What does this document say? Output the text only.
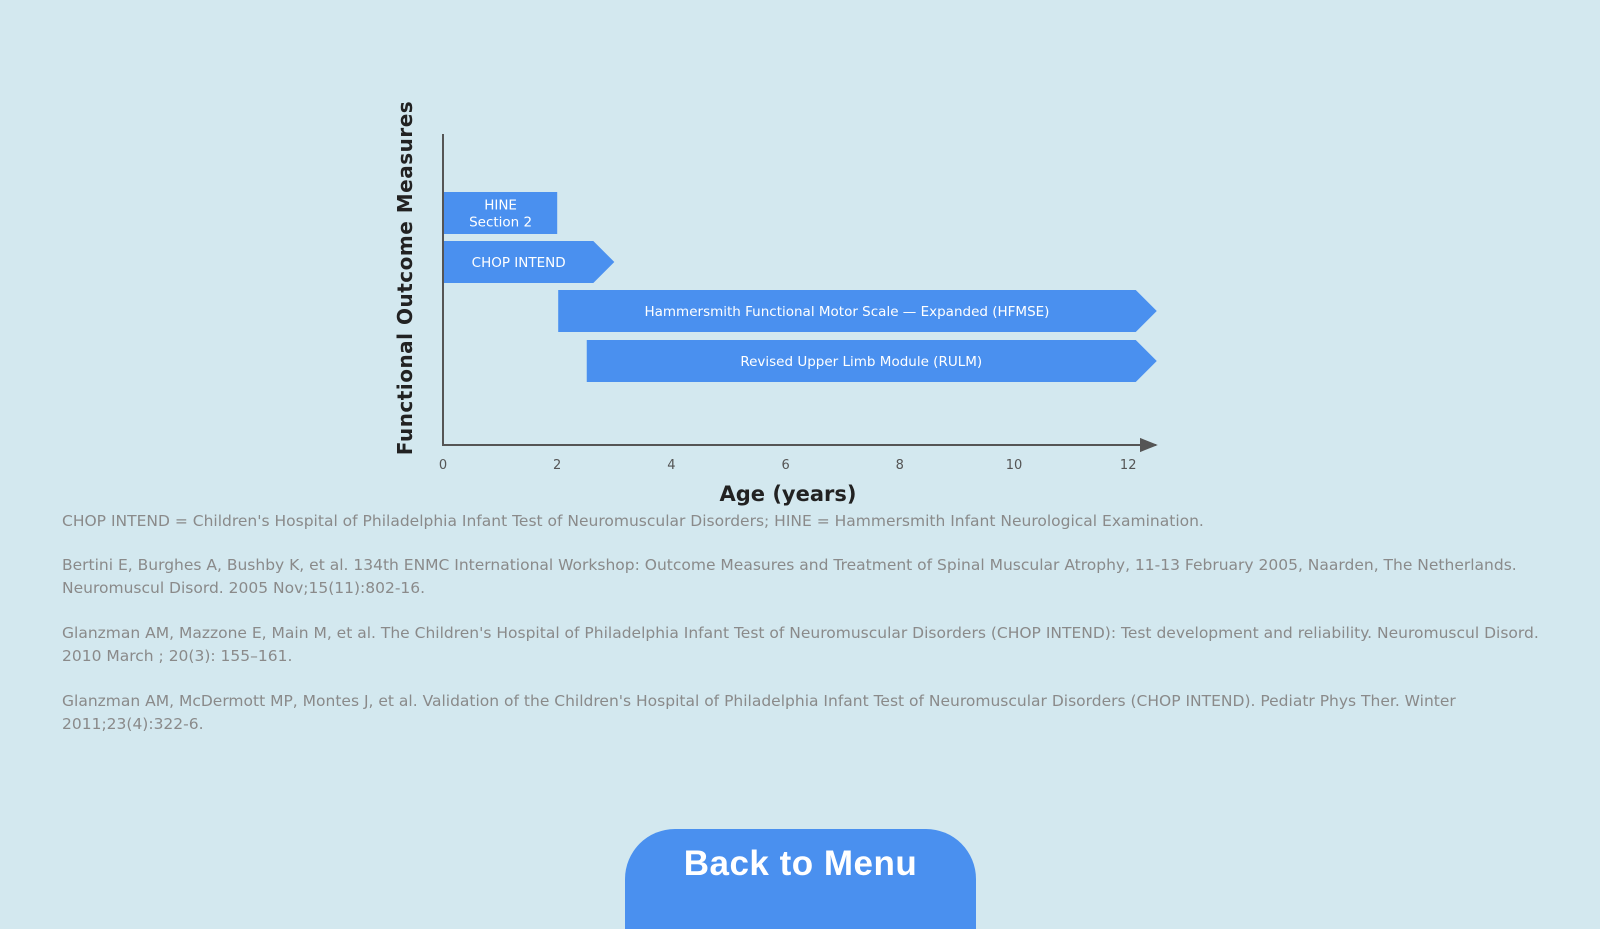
0	2	4	6	8	10	12
HINE
Section 2
CHOP INTEND
Hammersmith Functional Motor Scale — Expanded (HFMSE)
Revised Upper Limb Module (RULM)
Functional Outcome Measures
Age (years)

CHOP INTEND = Children's Hospital of Philadelphia Infant Test of Neuromuscular Disorders; HINE = Hammersmith Infant Neurological Examination.

Bertini E, Burghes A, Bushby K, et al. 134th ENMC International Workshop: Outcome Measures and Treatment of Spinal Muscular Atrophy, 11-13 February 2005, Naarden, The Netherlands. Neuromuscul Disord. 2005 Nov;15(11):802-16.

Glanzman AM, Mazzone E, Main M, et al. The Children's Hospital of Philadelphia Infant Test of Neuromuscular Disorders (CHOP INTEND): Test development and reliability. Neuromuscul Disord. 2010 March ; 20(3): 155–161.

Glanzman AM, McDermott MP, Montes J, et al. Validation of the Children's Hospital of Philadelphia Infant Test of Neuromuscular Disorders (CHOP INTEND). Pediatr Phys Ther. Winter 2011;23(4):322-6.

Back to Menu
